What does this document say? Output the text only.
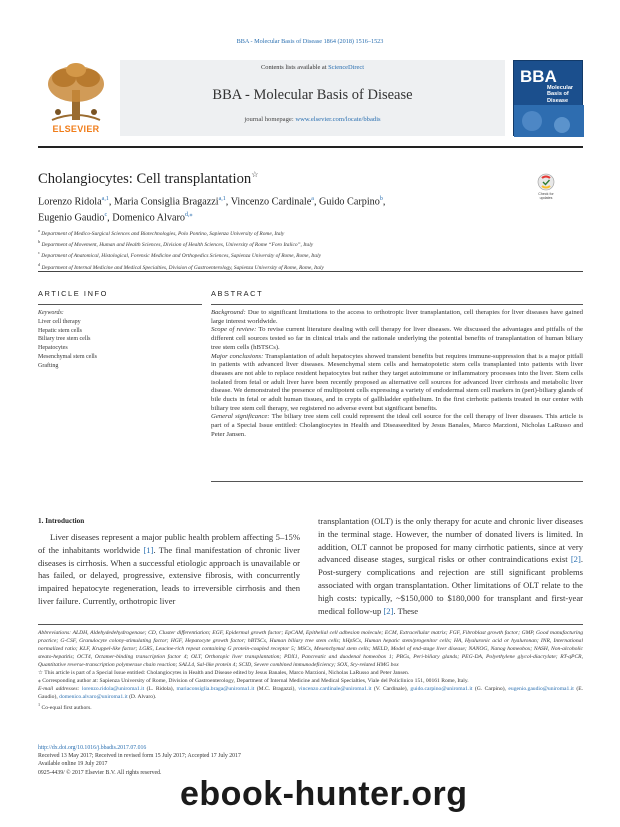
BBA - Molecular Basis of Disease 1864 (2018) 1516–1523
ELSEVIER
Contents lists available at ScienceDirect
BBA - Molecular Basis of Disease
journal homepage: www.elsevier.com/locate/bbadis
BBA
Molecular Basis of Disease
Cholangiocytes: Cell transplantation☆
Check for updates
Lorenzo Ridola$^{a,1}$, Maria Consiglia Bragazzi$^{a,1}$, Vincenzo Cardinale$^a$, Guido Carpino$^b$,
Eugenio Gaudio$^c$, Domenico Alvaro$^{d,⁎}$
$^a$ Department of Medico-Surgical Sciences and Biotechnologies, Polo Pontino, Sapienza University of Rome, Italy
$^b$ Department of Movement, Human and Health Sciences, Division of Health Sciences, University of Rome “Foro Italico”, Italy
$^c$ Department of Anatomical, Histological, Forensic Medicine and Orthopedics Sciences, Sapienza University of Rome, Rome, Italy
$^d$ Department of Internal Medicine and Medical Specialties, Division of Gastroenterology, Sapienza University of Rome, Rome, Italy
ARTICLE INFO
Keywords:
Liver cell therapy
Hepatic stem cells
Biliary tree stem cells
Hepatocytes
Mesenchymal stem cells
Grafting
ABSTRACT

Background: Due to significant limitations to the access to orthotropic liver transplantation, cell therapies for liver diseases have gained large interest worldwide.

Scope of review: To revise current literature dealing with cell therapy for liver diseases. We discussed the advantages and pitfalls of the different cell sources tested so far in clinical trials and the rationale underlying the potential benefits of transplantation of human biliary tree stem cells (hBTSCs).

Major conclusions: Transplantation of adult hepatocytes showed transient benefits but requires immune-suppression that is a major pitfall in patients with advanced liver diseases. Mesenchymal stem cells and hematopoietic stem cells transplanted into patients with liver diseases are not able to replace resident hepatocytes but rather they target autoimmune or inflammatory processes into the liver. Stem cells isolated from fetal or adult liver have been recently proposed as alternative cell sources for advanced liver cirrhosis and metabolic liver disease. We demonstrated the presence of multipotent cells expressing a variety of endodermal stem cell markers in (peri)-biliary glands of bile ducts in fetal or adult human tissues, and in crypts of gallbladder epithelium. In the first cirrhotic patients treated in our center with biliary tree stem cell therapy, we registered no adverse event but significant benefits.

General significance: The biliary tree stem cell could represent the ideal cell source for the cell therapy of liver diseases. This article is part of a Special Issue entitled: Cholangiocytes in Health and Diseaseedited by Jesus Banales, Marco Marzioni, Nicholas LaRusso and Peter Jansen.

1. Introduction
Liver diseases represent a major public health problem affecting 5–15% of the inhabitants worldwide [1]. The final manifestation of chronic liver diseases is cirrhosis. When a successful etiologic approach is unavailable or has failed, or delayed, progressive, extensive fibrosis, with concurrently impaired hepatocyte regeneration, leads to irreversible cirrhosis and then liver failure. Currently, orthotropic liver
transplantation (OLT) is the only therapy for acute and chronic liver diseases in the terminal stage. However, the number of donated livers is limited. In addition, OLT cannot be proposed for many cirrhotic patients, since at very advanced disease stages, surgical risks or other contraindications exist [2]. Post-surgery complications and rejection are still significant problems associated with organ transplantation. Other limitations of OLT relate to the high costs: typically, ~$150,000 to $180,000 for transplant and first-year medical follow-up [2]. These

Abbreviations: ALDH, Aldehydedehydrogenase; CD, Cluster differentiation; EGF, Epidermal growth factor; EpCAM, Epithelial cell adhesion molecule; ECM, Extracellular matrix; FGF, Fibroblast growth factor; GMP, Good manufacturing practice; G-CSF, Granulocyte colony-stimulating factor; HGF, Hepatocyte growth factor; hBTSCs, Human biliary tree stem cells; hHpSCs, Human hepatic stem/progenitor cells; HA, Hyaluronic acid or hyaluronan; INR, International normalized ratio; KLF, Kruppel-like factor; LGR5, Leucine-rich repeat containing G protein-coupled receptor 5; MSCs, Mesenchymal stem cells; MELD, Model of end-stage liver disease; NANOG, Nanog homeobox; NASH, Non-alcoholic steato-hepatitis; OCT4, Octamer-binding transcription factor 4; OLT, Orthotopic liver transplantation; PDX1, Pancreatic and duodenal homeobox 1; PBGs, Peri-biliary glands; PEG-DA, Polyethylene glycol-diacrylate; RT-qPCR, Quantitative reverse-transcription polymerase chain reaction; SALL4, Sal-like protein 4; SCID, Severe combined immunodeficiency; SOX, Sry-related HMG box

☆ This article is part of a Special Issue entitled: Cholangiocytes in Health and Disease edited by Jesus Banales, Marco Marzioni, Nicholas LaRusso and Peter Jansen.

⁎ Corresponding author at: Sapienza University of Rome, Division of Gastroenterology, Department of Internal Medicine and Medical Specialties, Viale del Policlinico 151, 00161 Rome, Italy.

E-mail addresses: lorenzo.ridola@uniroma1.it (L. Ridola), mariaconsiglia.braga@uniroma1.it (M.C. Bragazzi), vincenzo.cardinale@uniroma1.it (V. Cardinale), guido.carpino@uniroma1.it (G. Carpino), eugenio.gaudio@uniroma1.it (E. Gaudio), domenico.alvaro@uniroma1.it (D. Alvaro).

$^1$ Co-equal first authors.

http://dx.doi.org/10.1016/j.bbadis.2017.07.016
Received 13 May 2017; Received in revised form 15 July 2017; Accepted 17 July 2017
Available online 19 July 2017
0925-4439/ © 2017 Elsevier B.V. All rights reserved.
ebook-hunter.org
